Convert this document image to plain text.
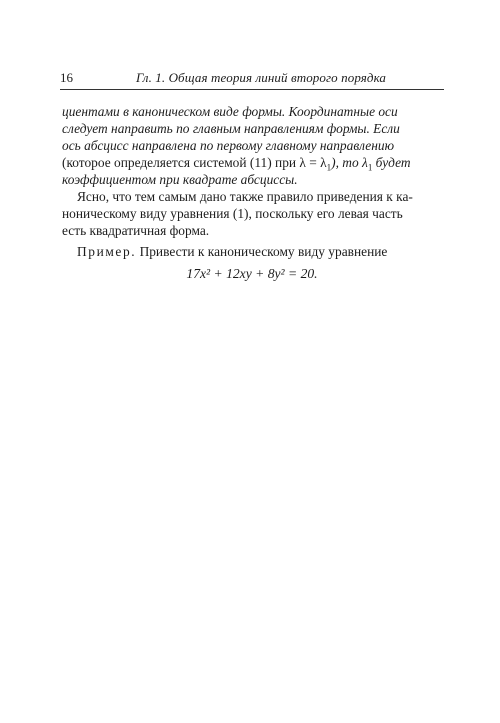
16	Гл. 1. Общая теория линий второго порядка
циентами в каноническом виде формы. Координатные оси
следует направить по главным направлениям формы. Если
ось абсцисс направлена по первому главному направлению
(которое определяется системой (11) при $\lambda = \lambda_1$), то $\lambda_1$ будет
коэффициентом при квадрате абсциссы.
Ясно, что тем самым дано также правило приведения к ка-
ноническому виду уравнения (1), поскольку его левая часть
есть квадратичная форма.
Пример. Привести к каноническому виду уравнение
17x² + 12xy + 8y² = 20.
